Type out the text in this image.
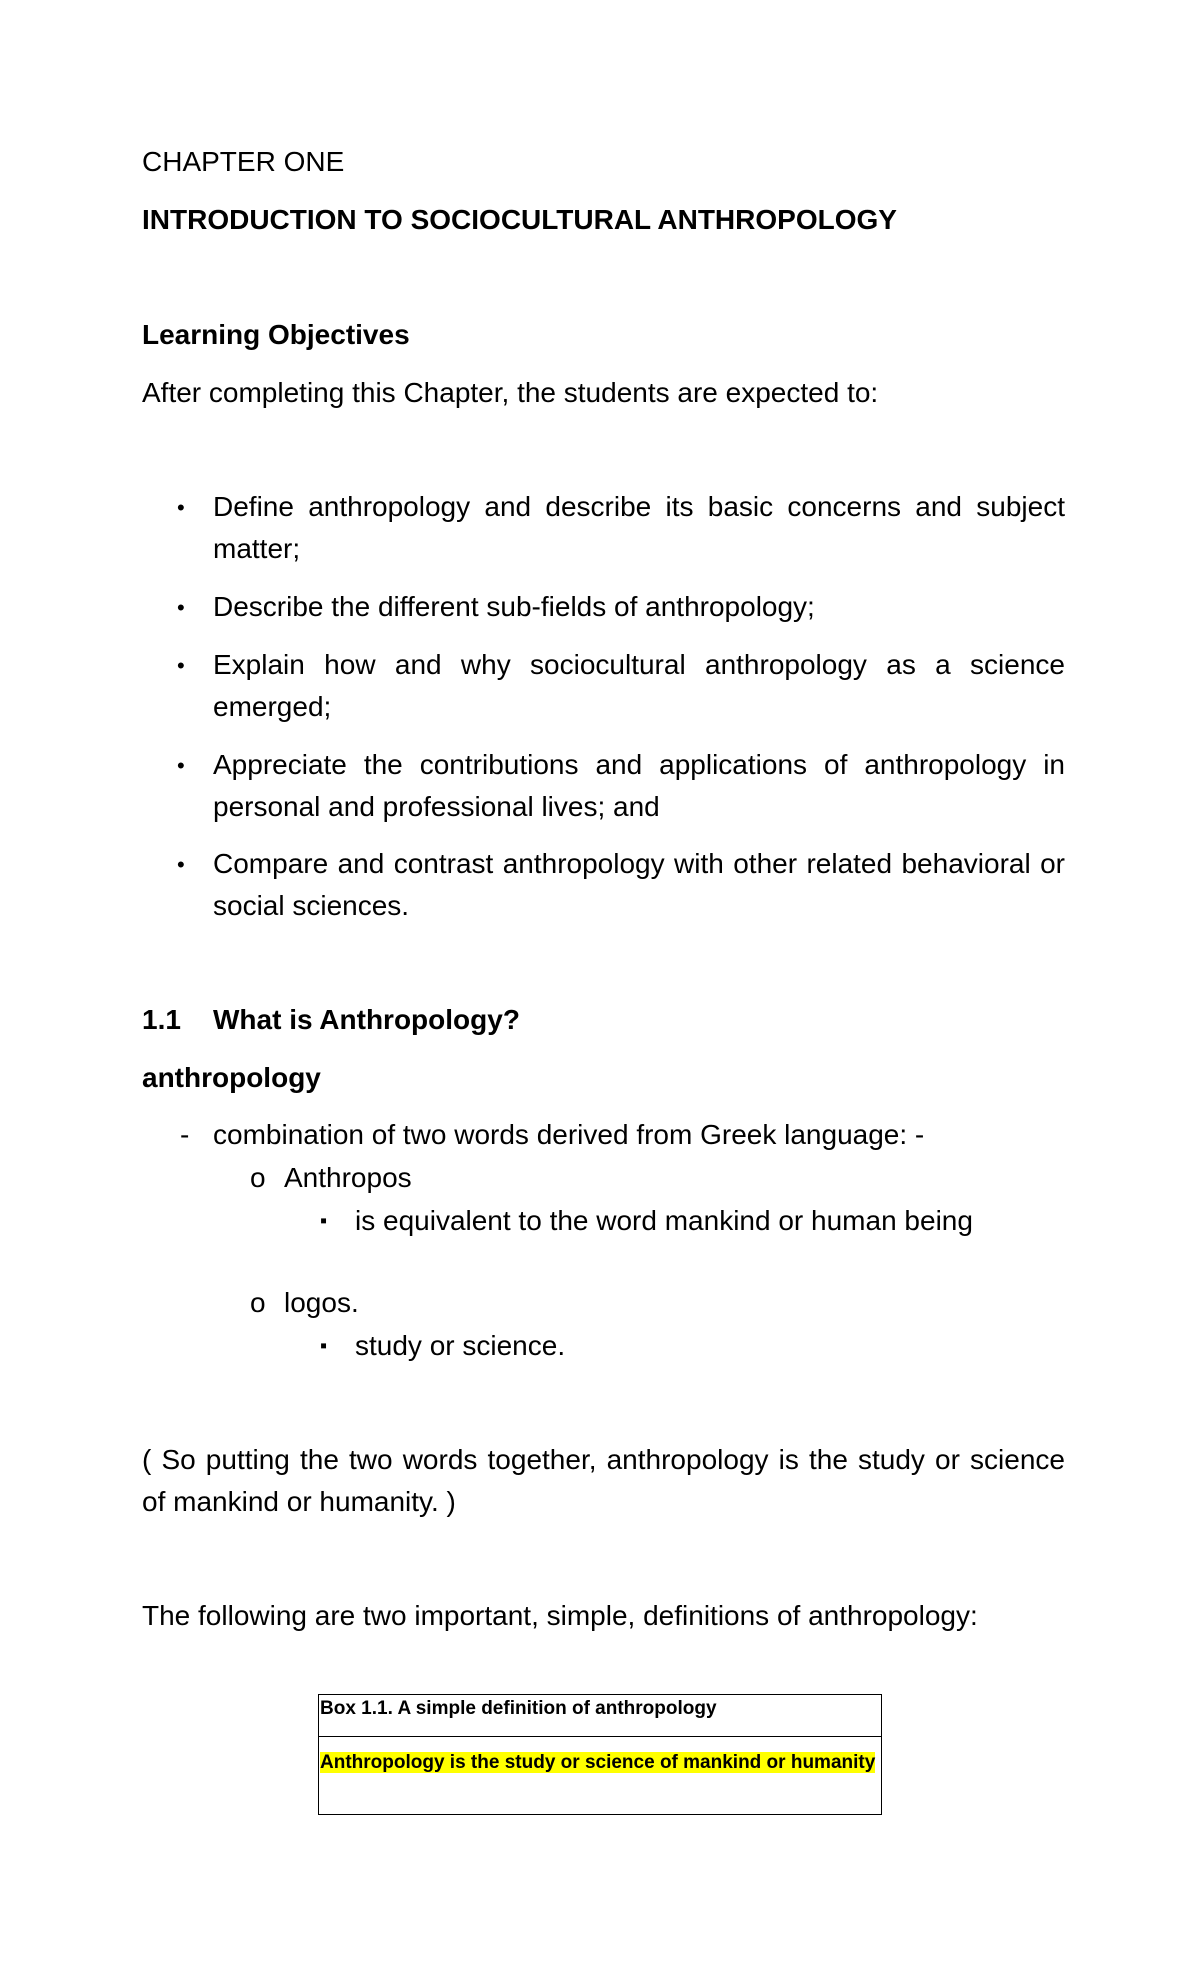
CHAPTER ONE
INTRODUCTION TO SOCIOCULTURAL ANTHROPOLOGY
Learning Objectives
After completing this Chapter, the students are expected to:
• Define anthropology and describe its basic concerns and subject matter;
• Describe the different sub-fields of anthropology;
• Explain how and why sociocultural anthropology as a science emerged;
• Appreciate the contributions and applications of anthropology in personal and professional lives; and
• Compare and contrast anthropology with other related behavioral or social sciences.
1.1 What is Anthropology?
anthropology
- combination of two words derived from Greek language: -
o Anthropos
▪ is equivalent to the word mankind or human being
o logos.
▪ study or science.
( So putting the two words together, anthropology is the study or science of mankind or humanity. )
The following are two important, simple, definitions of anthropology:
Box 1.1. A simple definition of anthropology
Anthropology is the study or science of mankind or humanity
